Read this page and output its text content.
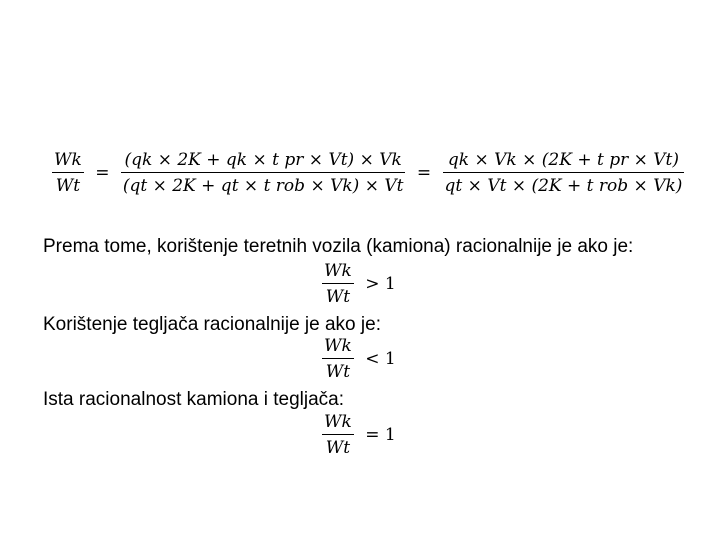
$\frac{Wk}{Wt} = \frac{\text{(qk × 2K + qk × t pr × Vt) × Vk}}{\text{(qt × 2K + qt × t rob × Vk) × Vt}} = \frac{\text{qk × Vk × (2K + t pr × Vt)}}{\text{qt × Vt × (2K + t rob × Vk)}}$
Prema tome, korištenje teretnih vozila (kamiona) racionalnije je ako je:
$\frac{Wk}{Wt} > 1$
Korištenje tegljača racionalnije je ako je:
$\frac{Wk}{Wt} < 1$
Ista racionalnost kamiona i tegljača:
$\frac{Wk}{Wt} = 1$
